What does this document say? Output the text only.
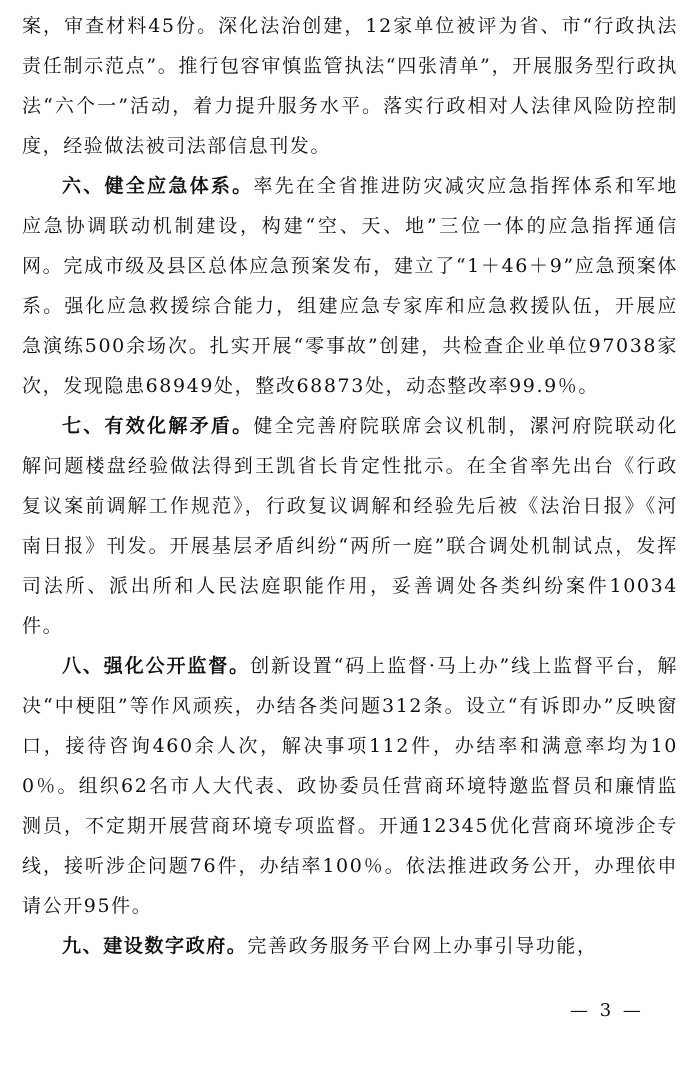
案，审查材料45份。深化法治创建，12家单位被评为省、市“行政执法责任制示范点”。推行包容审慎监管执法“四张清单”，开展服务型行政执法“六个一”活动，着力提升服务水平。落实行政相对人法律风险防控制度，经验做法被司法部信息刊发。

六、健全应急体系。率先在全省推进防灾减灾应急指挥体系和军地应急协调联动机制建设，构建“空、天、地”三位一体的应急指挥通信网。完成市级及县区总体应急预案发布，建立了“1＋46＋9”应急预案体系。强化应急救援综合能力，组建应急专家库和应急救援队伍，开展应急演练500余场次。扎实开展“零事故”创建，共检查企业单位97038家次，发现隐患68949处，整改68873处，动态整改率99.9％。

七、有效化解矛盾。健全完善府院联席会议机制，漯河府院联动化解问题楼盘经验做法得到王凯省长肯定性批示。在全省率先出台《行政复议案前调解工作规范》，行政复议调解和经验先后被《法治日报》《河南日报》刊发。开展基层矛盾纠纷“两所一庭”联合调处机制试点，发挥司法所、派出所和人民法庭职能作用，妥善调处各类纠纷案件10034件。

八、强化公开监督。创新设置“码上监督·马上办”线上监督平台，解决“中梗阻”等作风顽疾，办结各类问题312条。设立“有诉即办”反映窗口，接待咨询460余人次，解决事项112件，办结率和满意率均为100％。组织62名市人大代表、政协委员任营商环境特邀监督员和廉情监测员，不定期开展营商环境专项监督。开通12345优化营商环境涉企专线，接听涉企问题76件，办结率100％。依法推进政务公开，办理依申请公开95件。

九、建设数字政府。完善政务服务平台网上办事引导功能，

— 3 —
